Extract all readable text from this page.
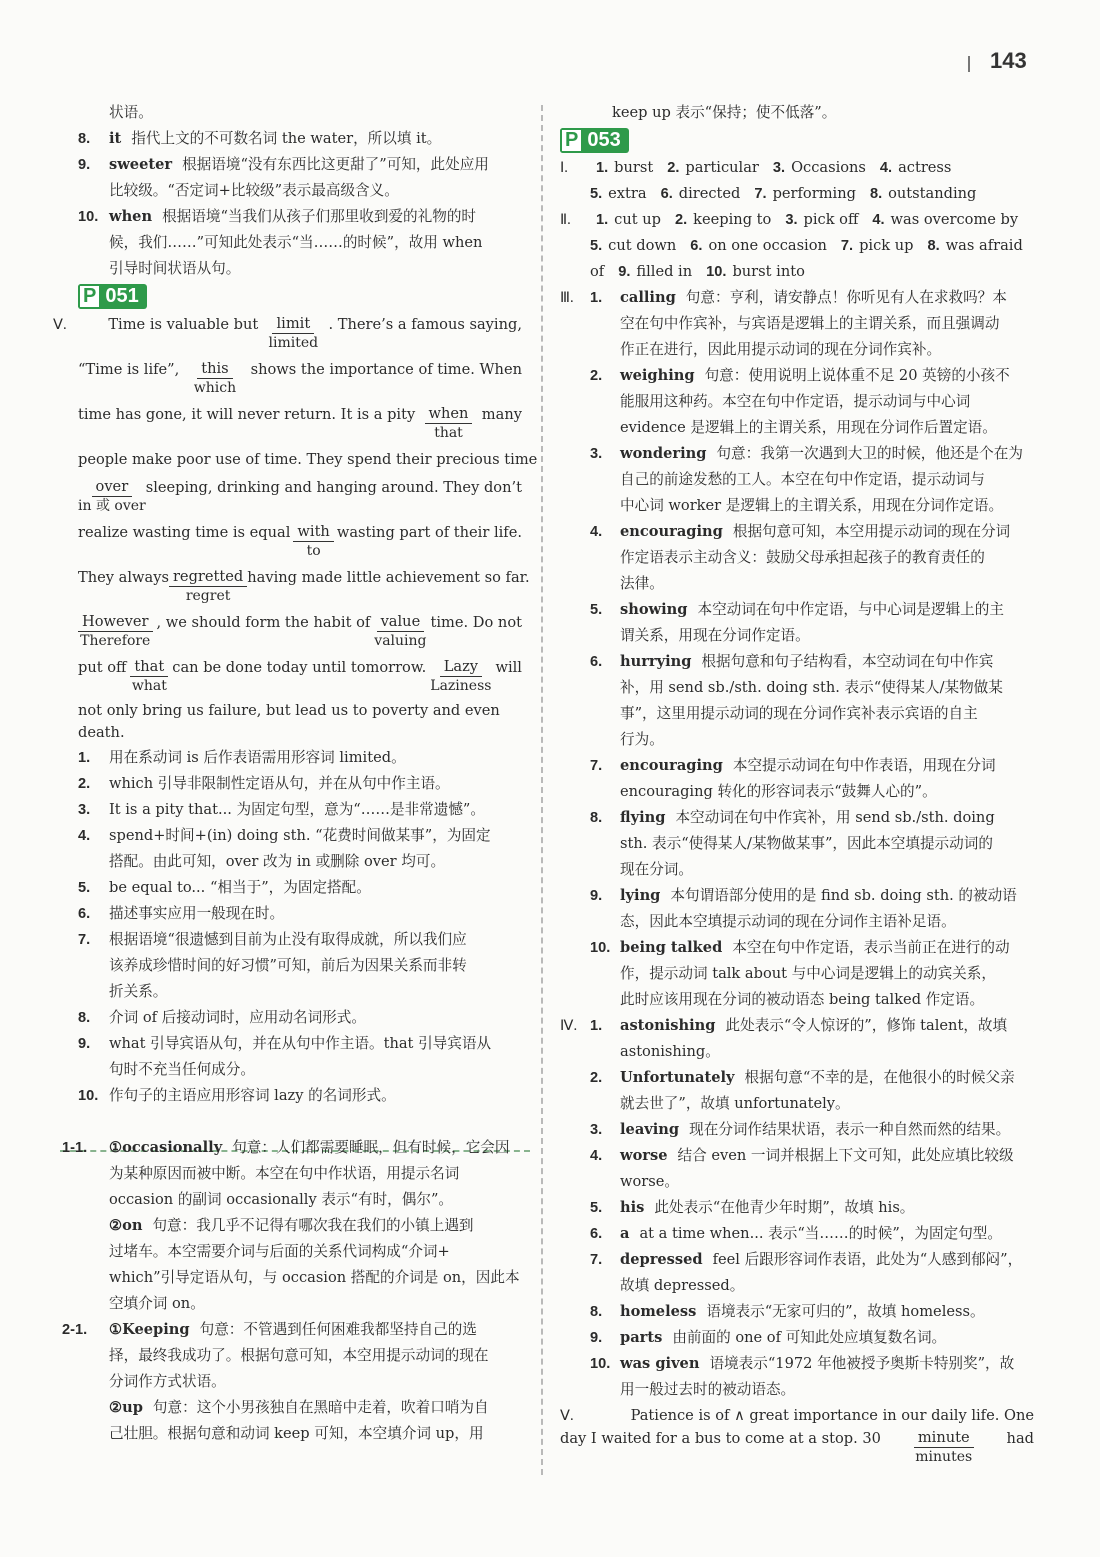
143
状语。
8.	it 指代上文的不可数名词 the water，所以填 it。
9.	sweeter 根据语境“没有东西比这更甜了”可知，此处应用
比较级。“否定词+比较级”表示最高级含义。
10. when 根据语境“当我们从孩子们那里收到爱的礼物的时
候，我们……”可知此处表示“当……的时候”，故用 when
引导时间状语从句。
P 051
Ⅴ.	Time is valuable but limit
limited
. There’s a famous saying,
“Time is life”, this
which
shows the importance of time. When
time has gone, it will never return. It is a pity when
that
many
people make poor use of time. They spend their precious time
over
in 或 over
sleeping, drinking and hanging around. They don’t
realize wasting time is equal with
to
wasting part of their life.
They always regretted
regret
having made little achievement so far.
However
Therefore
, we should form the habit of value
valuing
time. Do not
put off that
what
can be done today until tomorrow. Lazy
Laziness
will
not only bring us failure, but lead us to poverty and even
death.
1.	用在系动词 is 后作表语需用形容词 limited。
2.	which 引导非限制性定语从句，并在从句中作主语。
3.	It is a pity that... 为固定句型，意为“……是非常遗憾”。
4.	spend+时间+(in) doing sth. “花费时间做某事”，为固定
搭配。由此可知，over 改为 in 或删除 over 均可。
5.	be equal to... “相当于”，为固定搭配。
6.	描述事实应用一般现在时。
7.	根据语境“很遗憾到目前为止没有取得成就，所以我们应
该养成珍惜时间的好习惯”可知，前后为因果关系而非转
折关系。
8.	介词 of 后接动词时，应用动名词形式。
9.	what 引导宾语从句，并在从句中作主语。that 引导宾语从
句时不充当任何成分。
10. 作句子的主语应用形容词 lazy 的名词形式。
1-1.	①occasionally 句意：人们都需要睡眠，但有时候，它会因
为某种原因而被中断。本空在句中作状语，用提示名词
occasion 的副词 occasionally 表示“有时，偶尔”。
②on 句意：我几乎不记得有哪次我在我们的小镇上遇到
过堵车。本空需要介词与后面的关系代词构成“介词+
which”引导定语从句，与 occasion 搭配的介词是 on，因此本
空填介词 on。
2-1.	①Keeping 句意：不管遇到任何困难我都坚持自己的选
择，最终我成功了。根据句意可知，本空用提示动词的现在
分词作方式状语。
②up 句意：这个小男孩独自在黑暗中走着，吹着口哨为自
己壮胆。根据句意和动词 keep 可知，本空填介词 up，用
keep up 表示“保持；使不低落”。
P 053
Ⅰ.	1. burst 2. particular 3. Occasions 4. actress
5. extra 6. directed 7. performing 8. outstanding
Ⅱ.	1. cut up 2. keeping to 3. pick off 4. was overcome by
5. cut down 6. on one occasion 7. pick up 8. was afraid
of 9. filled in 10. burst into
Ⅲ.	1.	calling 句意：亨利，请安静点！你听见有人在求救吗？本
空在句中作宾补，与宾语是逻辑上的主谓关系，而且强调动
作正在进行，因此用提示动词的现在分词作宾补。
2.	weighing 句意：使用说明上说体重不足 20 英镑的小孩不
能服用这种药。本空在句中作定语，提示动词与中心词
evidence 是逻辑上的主谓关系，用现在分词作后置定语。
3.	wondering 句意：我第一次遇到大卫的时候，他还是个在为
自己的前途发愁的工人。本空在句中作定语，提示动词与
中心词 worker 是逻辑上的主谓关系，用现在分词作定语。
4.	encouraging 根据句意可知，本空用提示动词的现在分词
作定语表示主动含义：鼓励父母承担起孩子的教育责任的
法律。
5.	showing 本空动词在句中作定语，与中心词是逻辑上的主
谓关系，用现在分词作定语。
6.	hurrying 根据句意和句子结构看，本空动词在句中作宾
补，用 send sb./sth. doing sth. 表示“使得某人/某物做某
事”，这里用提示动词的现在分词作宾补表示宾语的自主
行为。
7.	encouraging 本空提示动词在句中作表语，用现在分词
encouraging 转化的形容词表示“鼓舞人心的”。
8.	flying 本空动词在句中作宾补，用 send sb./sth. doing
sth. 表示“使得某人/某物做某事”，因此本空填提示动词的
现在分词。
9.	lying 本句谓语部分使用的是 find sb. doing sth. 的被动语
态，因此本空填提示动词的现在分词作主语补足语。
10. being talked 本空在句中作定语，表示当前正在进行的动
作，提示动词 talk about 与中心词是逻辑上的动宾关系，
此时应该用现在分词的被动语态 being talked 作定语。
Ⅳ. 1.	astonishing 此处表示“令人惊讶的”，修饰 talent，故填
astonishing。
2.	Unfortunately 根据句意“不幸的是，在他很小的时候父亲
就去世了”，故填 unfortunately。
3.	leaving 现在分词作结果状语，表示一种自然而然的结果。
4.	worse 结合 even 一词并根据上下文可知，此处应填比较级
worse。
5.	his 此处表示“在他青少年时期”，故填 his。
6.	a at a time when... 表示“当……的时候”，为固定句型。
7.	depressed feel 后跟形容词作表语，此处为“人感到郁闷”，
故填 depressed。
8.	homeless 语境表示“无家可归的”，故填 homeless。
9.	parts 由前面的 one of 可知此处应填复数名词。
10. was given 语境表示“1972 年他被授予奥斯卡特别奖”，故
用一般过去时的被动语态。
Ⅴ.	Patience is of ∧ great importance in our daily life. One
day I waited for a bus to come at a stop. 30	minute
minutes
had
